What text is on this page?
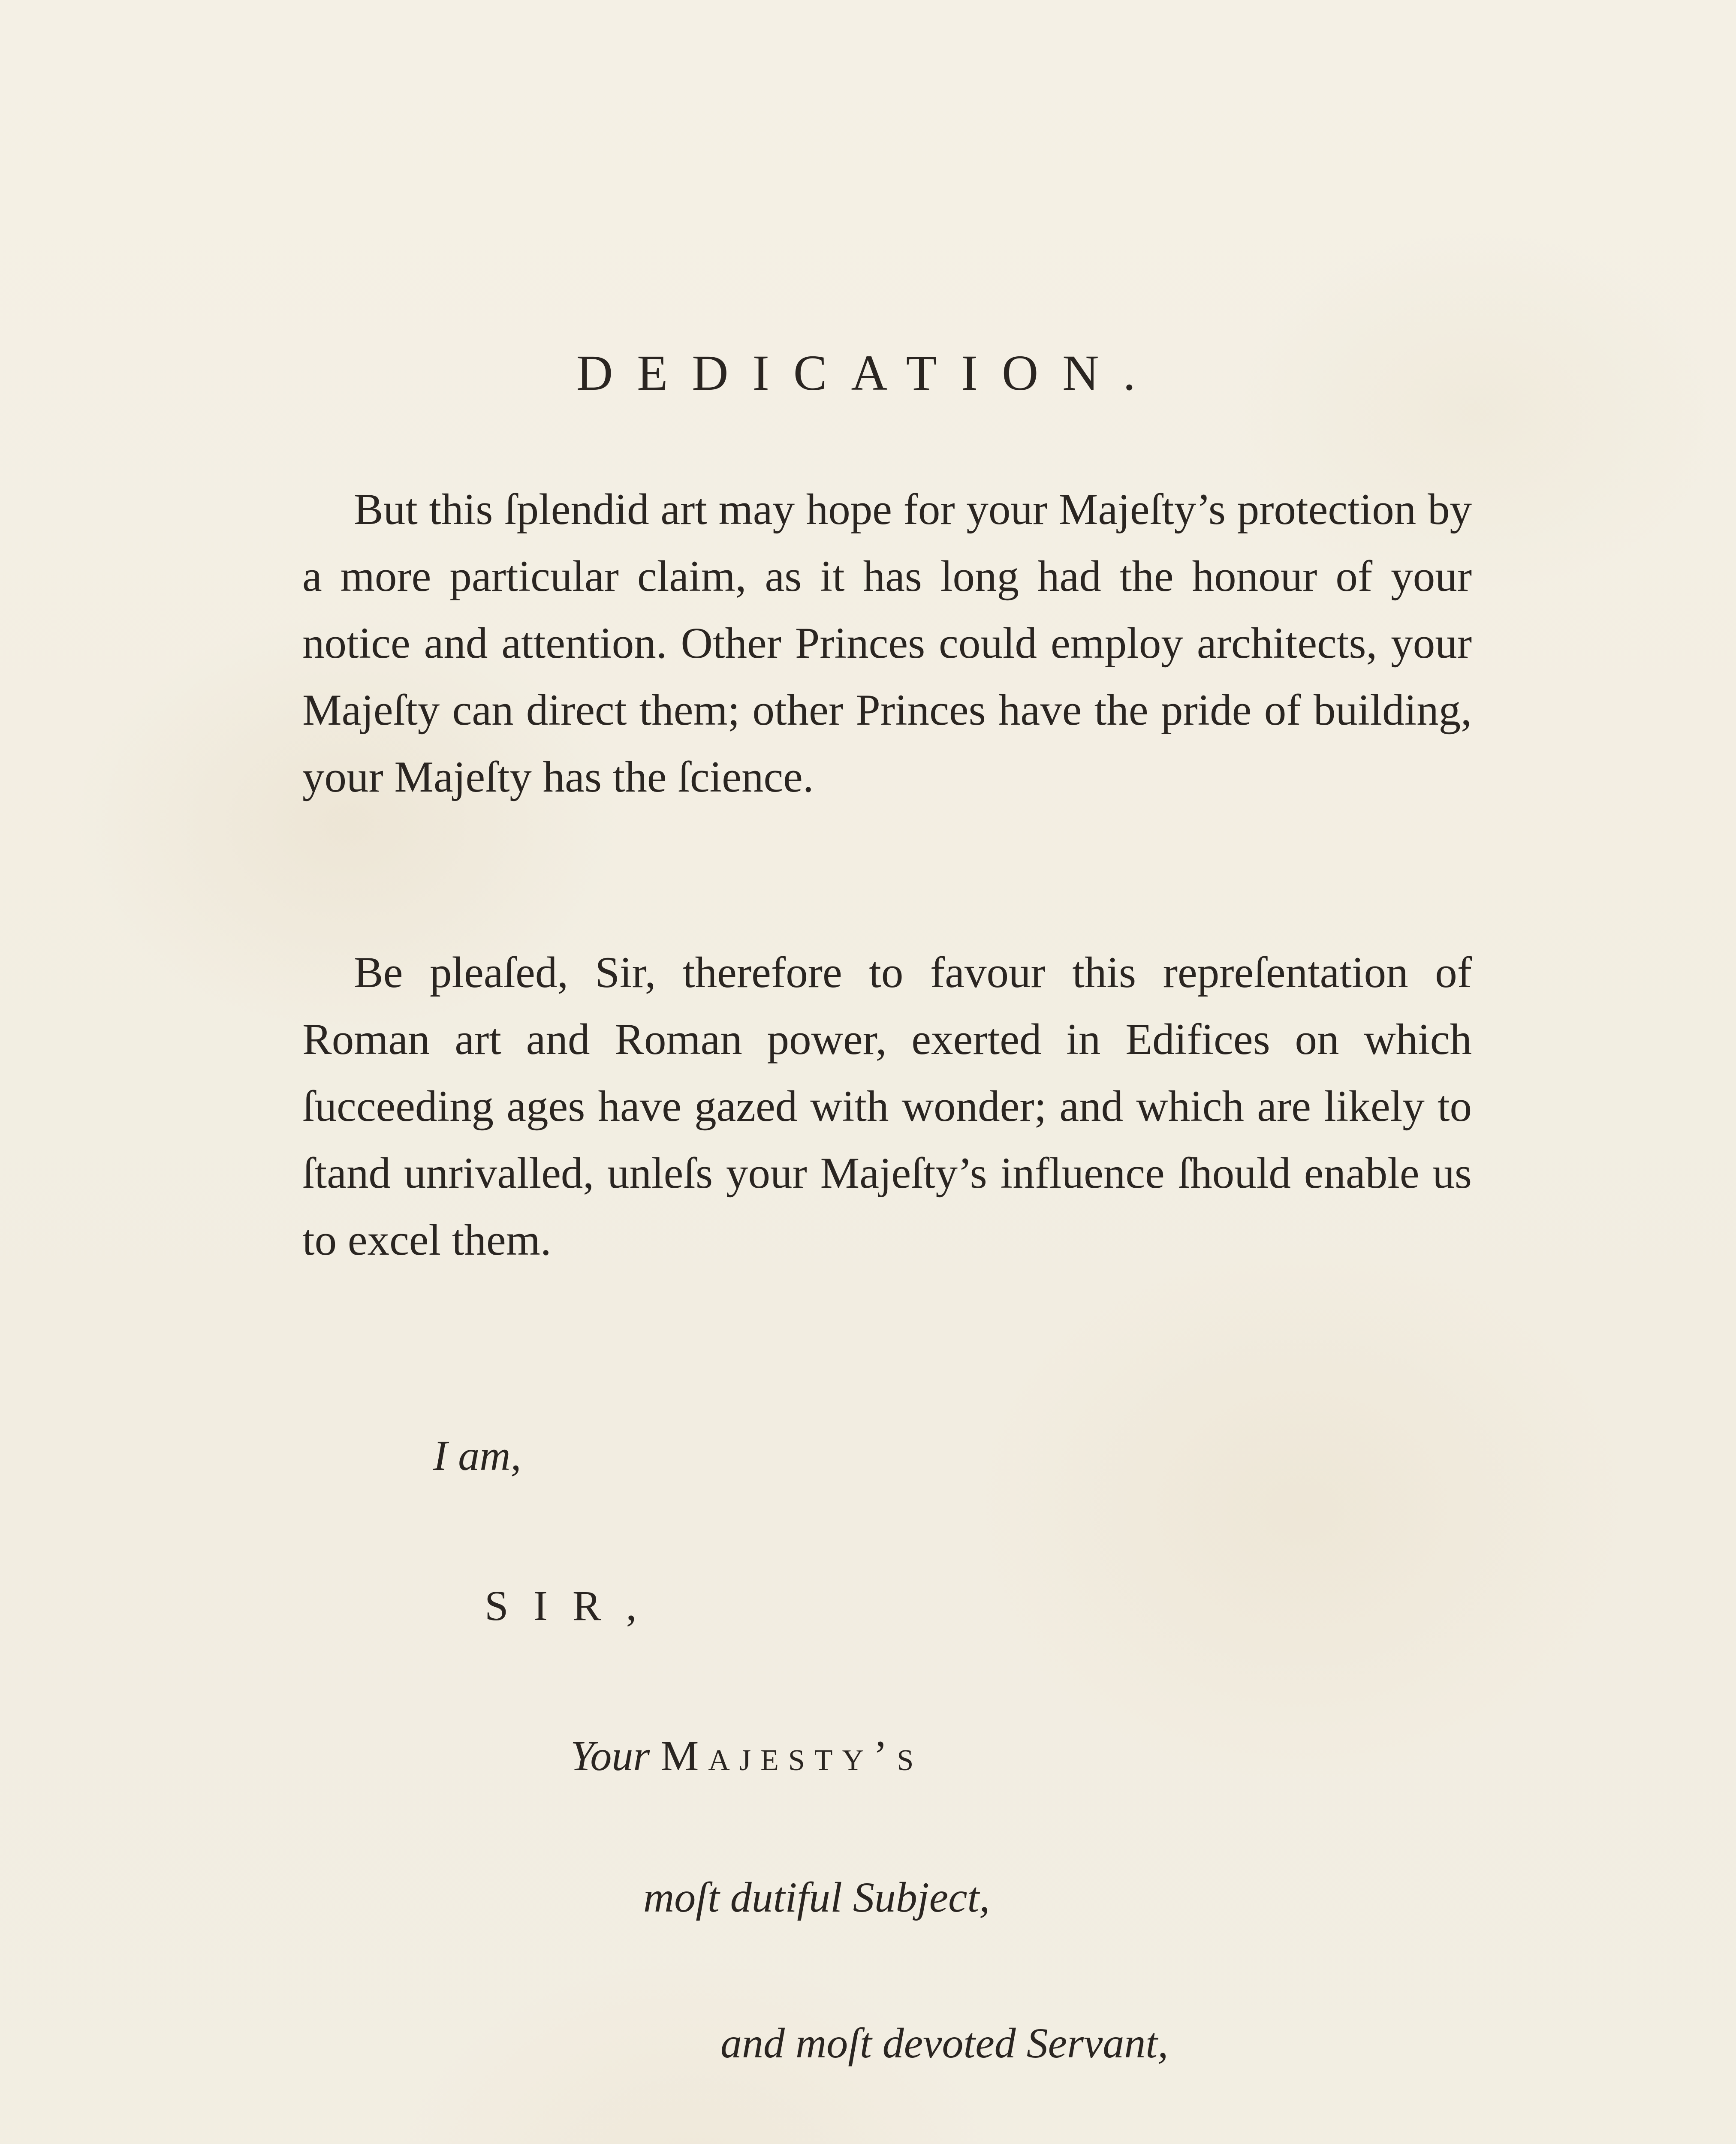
DEDICATION.

But this ſplendid art may hope for your Majeſty’s protection by a more particular claim, as it has long had the honour of your notice and attention. Other Princes could employ architects, your Majeſty can direct them; other Princes have the pride of building, your Majeſty has the ſcience.

Be pleaſed, Sir, therefore to favour this repreſentation of Roman art and Roman power, exerted in Edifices on which ſucceeding ages have gazed with wonder; and which are likely to ſtand unrivalled, unleſs your Majeſty’s influence ſhould enable us to excel them.

I am,
SIR,
Your Majesty’s
moſt dutiful Subject,
and moſt devoted Servant,
